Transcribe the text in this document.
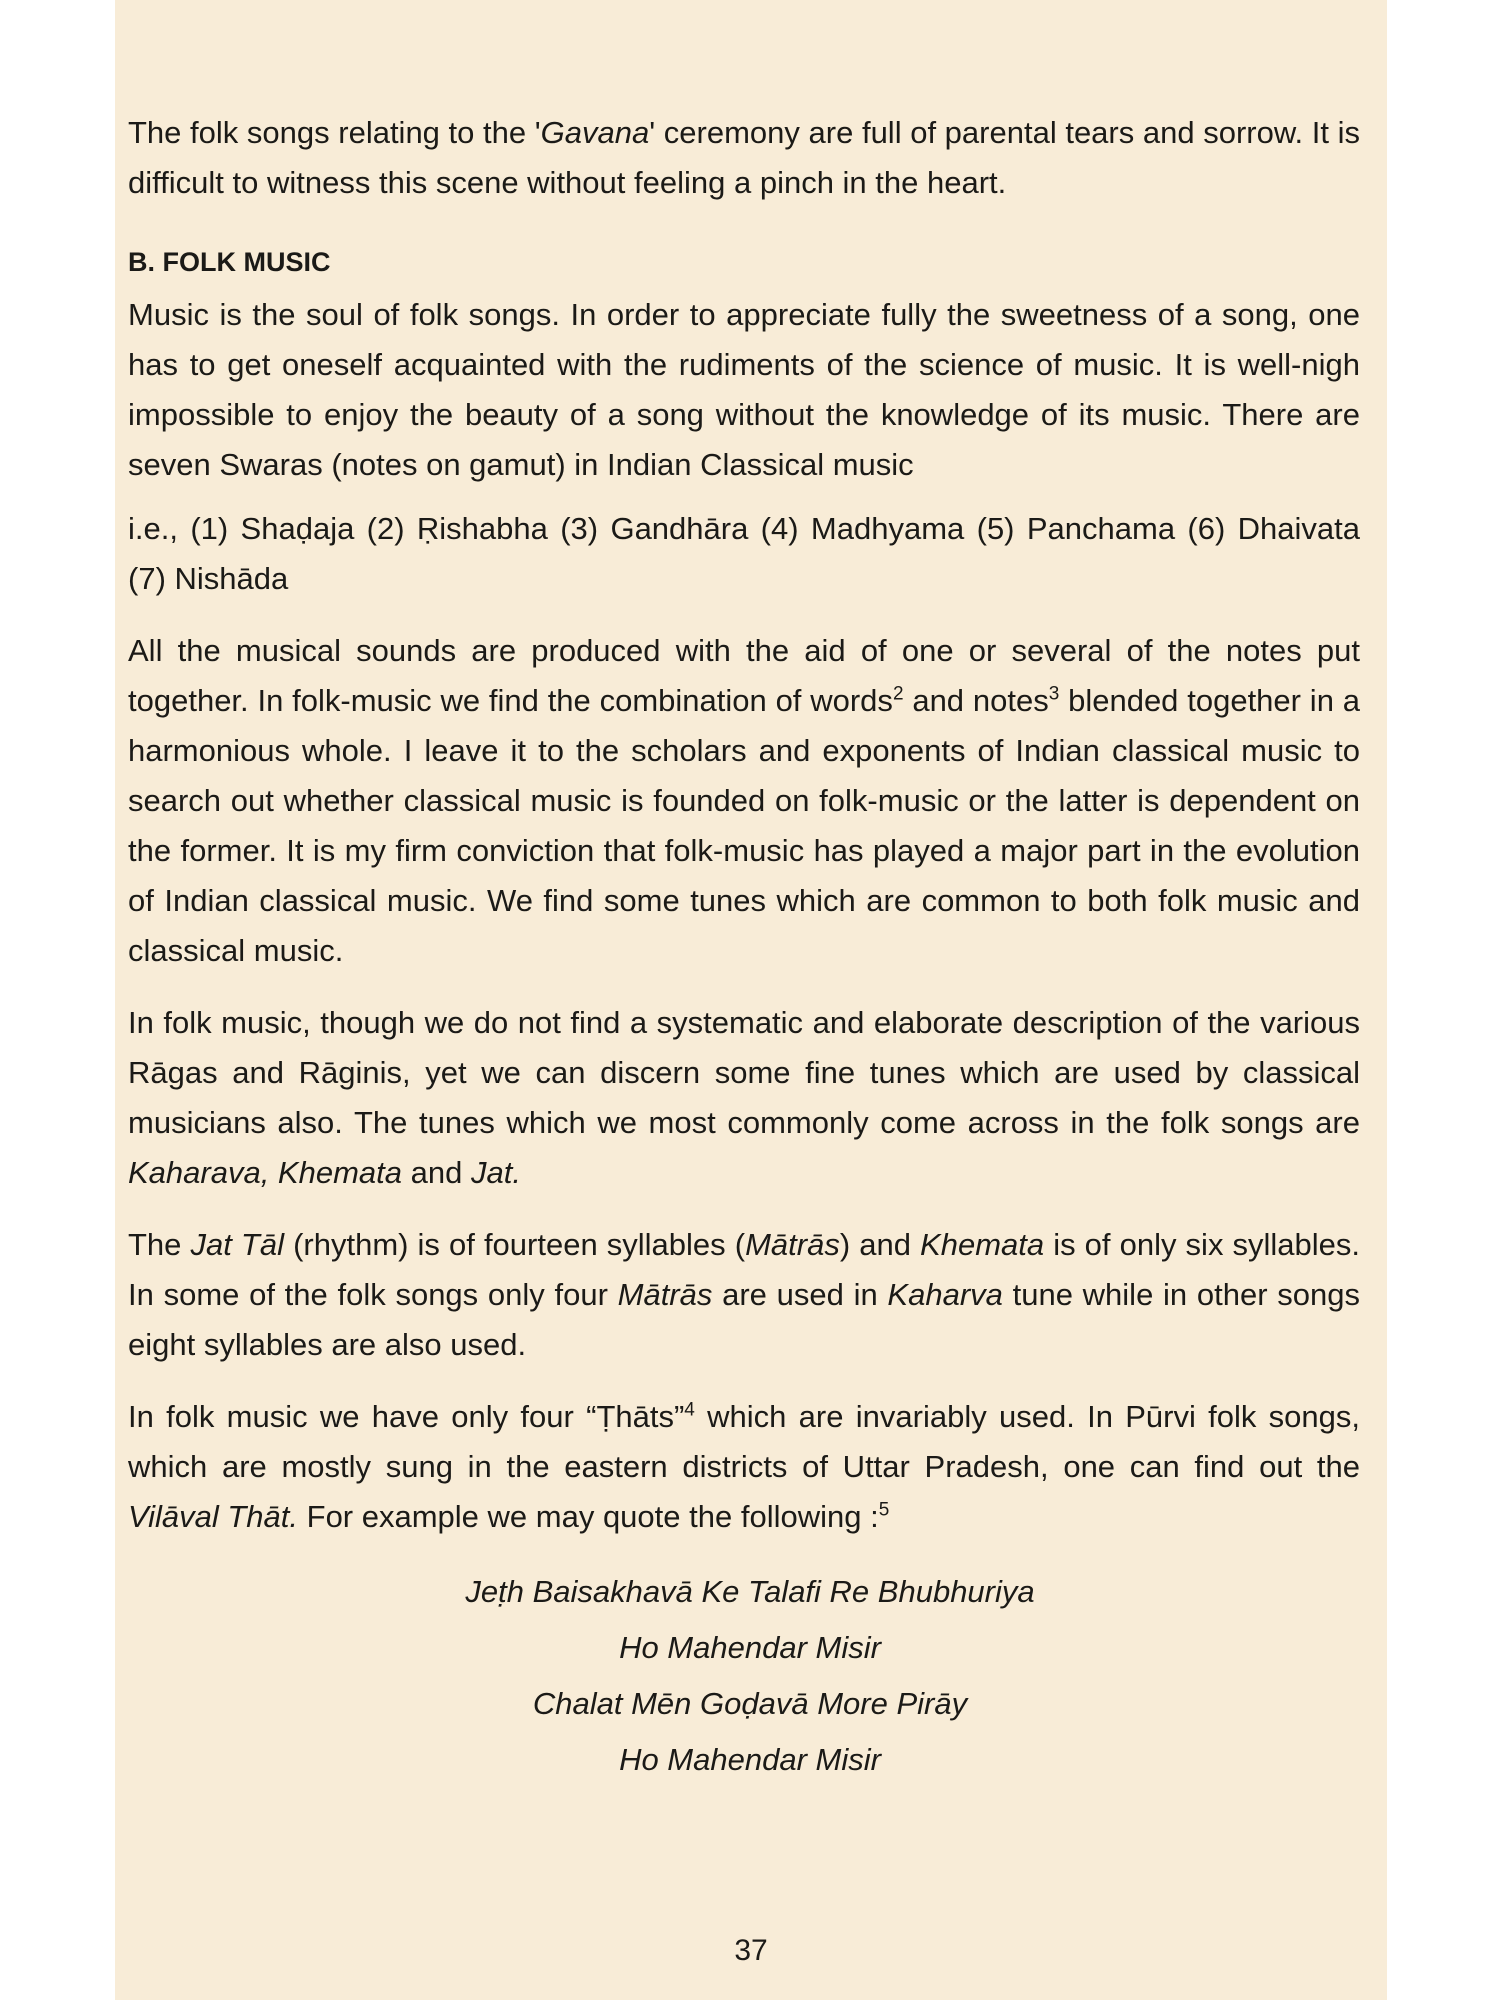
The folk songs relating to the 'Gavana' ceremony are full of parental tears and sorrow. It is difficult to witness this scene without feeling a pinch in the heart.

B. FOLK MUSIC

Music is the soul of folk songs. In order to appreciate fully the sweetness of a song, one has to get oneself acquainted with the rudiments of the science of music. It is well-nigh impossible to enjoy the beauty of a song without the knowledge of its music. There are seven Swaras (notes on gamut) in Indian Classical music

i.e., (1) Shaḍaja (2) Ṛishabha (3) Gandhāra (4) Madhyama (5) Panchama (6) Dhaivata (7) Nishāda

All the musical sounds are produced with the aid of one or several of the notes put together. In folk-music we find the combination of words$^2$ and notes$^3$ blended together in a harmonious whole. I leave it to the scholars and exponents of Indian classical music to search out whether classical music is founded on folk-music or the latter is dependent on the former. It is my firm conviction that folk-music has played a major part in the evolution of Indian classical music. We find some tunes which are common to both folk music and classical music.

In folk music, though we do not find a systematic and elaborate description of the various Rāgas and Rāginis, yet we can discern some fine tunes which are used by classical musicians also. The tunes which we most commonly come across in the folk songs are Kaharava, Khemata and Jat.

The Jat Tāl (rhythm) is of fourteen syllables (Mātrās) and Khemata is of only six syllables. In some of the folk songs only four Mātrās are used in Kaharva tune while in other songs eight syllables are also used.

In folk music we have only four “Ṭhāts”$^4$ which are invariably used. In Pūrvi folk songs, which are mostly sung in the eastern districts of Uttar Pradesh, one can find out the Vilāval Thāt. For example we may quote the following :$^5$

Jeṭh Baisakhavā Ke Talafi Re Bhubhuriya
Ho Mahendar Misir
Chalat Mēn Goḍavā More Pirāy
Ho Mahendar Misir
37
